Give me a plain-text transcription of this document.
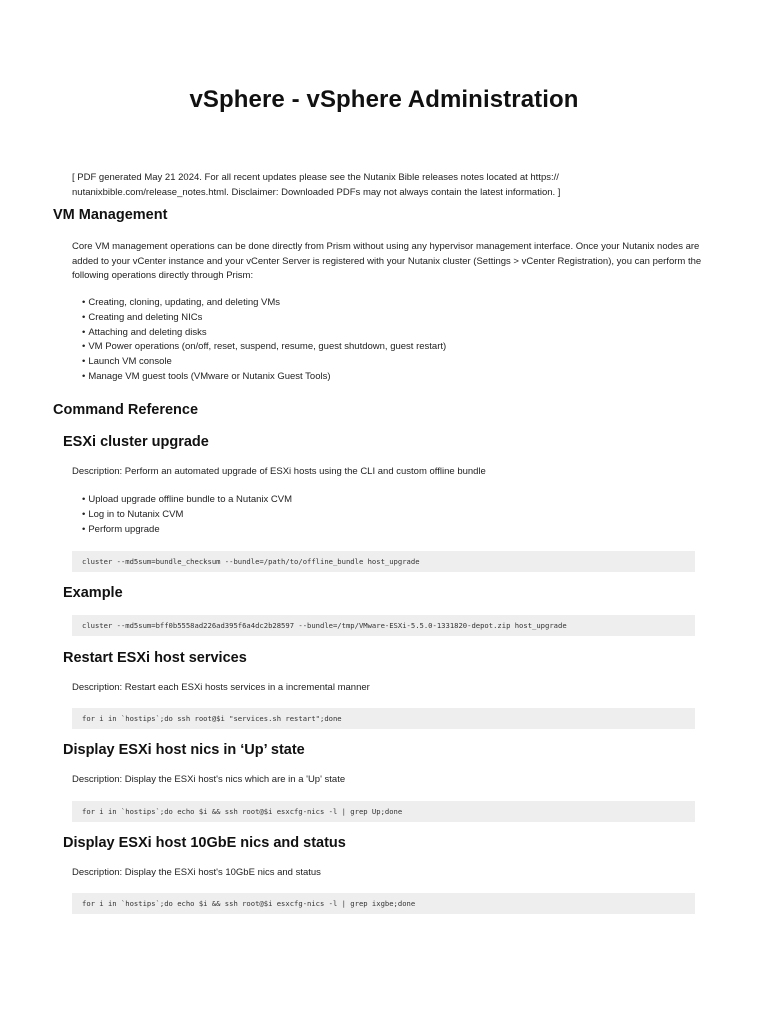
vSphere - vSphere Administration

[ PDF generated May 21 2024. For all recent updates please see the Nutanix Bible releases notes located at https:// nutanixbible.com/release_notes.html. Disclaimer: Downloaded PDFs may not always contain the latest information. ]

VM Management

Core VM management operations can be done directly from Prism without using any hypervisor management interface. Once your Nutanix nodes are added to your vCenter instance and your vCenter Server is registered with your Nutanix cluster (Settings > vCenter Registration), you can perform the following operations directly through Prism:

• Creating, cloning, updating, and deleting VMs
• Creating and deleting NICs
• Attaching and deleting disks
• VM Power operations (on/off, reset, suspend, resume, guest shutdown, guest restart)
• Launch VM console
• Manage VM guest tools (VMware or Nutanix Guest Tools)
Command Reference
ESXi cluster upgrade

Description: Perform an automated upgrade of ESXi hosts using the CLI and custom offline bundle

• Upload upgrade offline bundle to a Nutanix CVM
• Log in to Nutanix CVM
• Perform upgrade
cluster --md5sum=bundle_checksum --bundle=/path/to/offline_bundle host_upgrade
Example
cluster --md5sum=bff0b5558ad226ad395f6a4dc2b28597 --bundle=/tmp/VMware-ESXi-5.5.0-1331820-depot.zip host_upgrade
Restart ESXi host services

Description: Restart each ESXi hosts services in a incremental manner

for i in `hostips`;do ssh root@$i "services.sh restart";done
Display ESXi host nics in ‘Up’ state

Description: Display the ESXi host's nics which are in a 'Up' state

for i in `hostips`;do echo $i && ssh root@$i esxcfg-nics -l | grep Up;done
Display ESXi host 10GbE nics and status

Description: Display the ESXi host's 10GbE nics and status

for i in `hostips`;do echo $i && ssh root@$i esxcfg-nics -l | grep ixgbe;done
